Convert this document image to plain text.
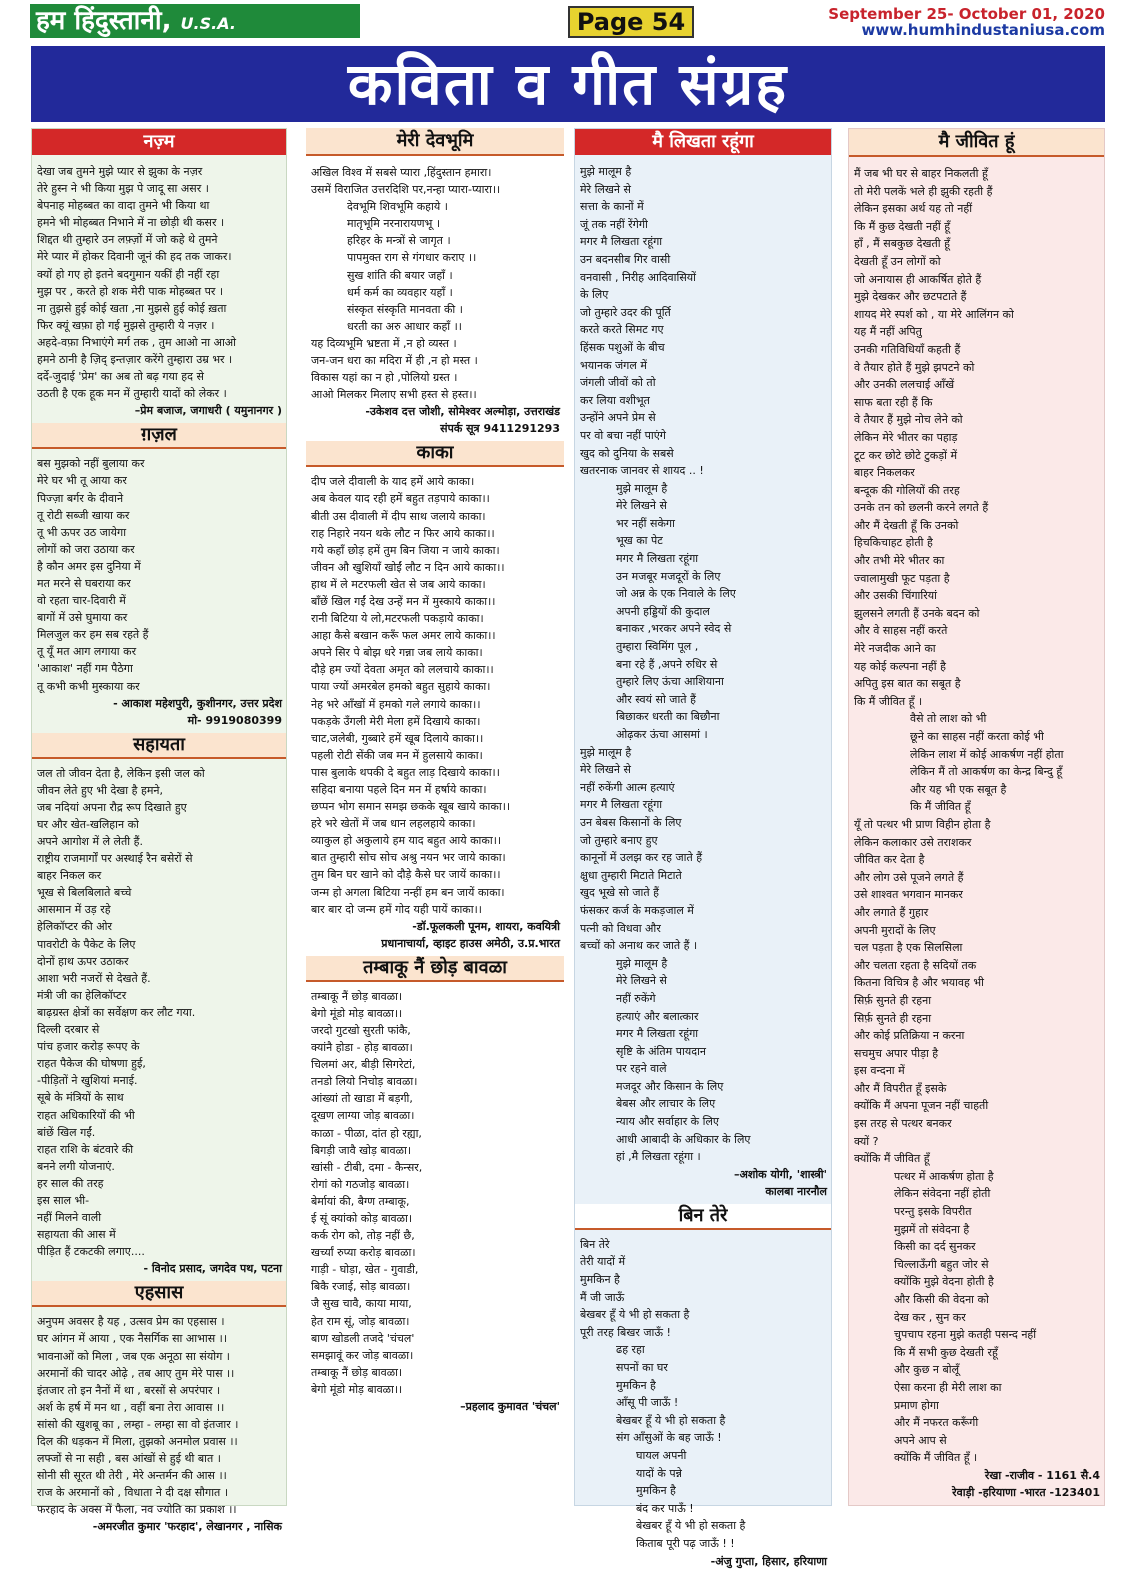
हम हिंदुस्तानी, U.S.A.	Page 54	September 25- October 01, 2020
www.humhindustaniusa.com
कविता व गीत संग्रह
नज़्म
देखा जब तुमने मुझे प्यार से झुका के नज़र
तेरे हुस्न ने भी किया मुझ पे जादू सा असर ।
बेपनाह मोहब्बत का वादा तुमने भी किया था
हमने भी मोहब्बत निभाने में ना छोड़ी थी कसर ।
शिद्दत थी तुम्हारे उन लफ़्ज़ों में जो कहे थे तुमने
मेरे प्यार में होकर दिवानी जूनं की हद तक जाकर।
क्यों हो गए हो इतने बदगुमान यकीं ही नहीं रहा
मुझ पर , करते हो शक मेरी पाक मोहब्बत पर ।
ना तुझसे हुई कोई खता ,ना मुझसे हुई कोई ख़ता
फिर क्यूं खफ़ा हो गई मुझसे तुम्हारी ये नज़र ।
अहदे-वफ़ा निभाएंगे मर्ग तक , तुम आओ ना आओ
हमने ठानी है ज़िद् इन्तज़ार करेंगे तुम्हारा उम्र भर ।
दर्दे-जुदाई 'प्रेम' का अब तो बढ़ गया हद से
उठती है एक हूक मन में तुम्हारी यादों को लेकर ।
–प्रेम बजाज, जगाधरी ( यमुनानगर )
ग़ज़ल
बस मुझको नहीं बुलाया कर
मेरे घर भी तू आया कर
पिज्ज़ा बर्गर के दीवाने
तू रोटी सब्जी खाया कर
तू भी ऊपर उठ जायेगा
लोगों को जरा उठाया कर
है कौन अमर इस दुनिया में
मत मरने से घबराया कर
वो रहता चार-दिवारी में
बागों में उसे घुमाया कर
मिलजुल कर हम सब रहते हैं
तू यूँ मत आग लगाया कर
'आकाश' नहीं गम पैठेगा
तू कभी कभी मुस्काया कर
- आकाश महेशपुरी, कुशीनगर, उत्तर प्रदेश
मो- 9919080399
सहायता
जल तो जीवन देता है, लेकिन इसी जल को
जीवन लेते हुए भी देखा है हमने,
जब नदियां अपना रौद्र रूप दिखाते हुए
घर और खेत-खलिहान को
अपने आगोश में ले लेती हैं.
राष्ट्रीय राजमार्गों पर अस्थाई रैन बसेरों से
बाहर निकल कर
भूख से बिलबिलाते बच्चे
आसमान में उड़ रहे
हेलिकॉप्टर की ओर
पावरोटी के पैकेट के लिए
दोनों हाथ ऊपर उठाकर
आशा भरी नजरों से देखते हैं.
मंत्री जी का हेलिकॉप्टर
बाढ़ग्रस्त क्षेत्रों का सर्वेक्षण कर लौट गया.
दिल्ली दरबार से
पांच हजार करोड़ रूपए के
राहत पैकेज की घोषणा हुई,
-पीड़ितों ने खुशियां मनाई.
सूबे के मंत्रियों के साथ
राहत अधिकारियों की भी
बांछें खिल गईं.
राहत राशि के बंटवारे की
बनने लगी योजनाएं.
हर साल की तरह
इस साल भी-
नहीं मिलने वाली
सहायता की आस में
पीड़ित हैं टकटकी लगाए....
- विनोद प्रसाद, जगदेव पथ, पटना
एहसास
अनुपम अवसर है यह , उत्सव प्रेम का एहसास ।
घर आंगन में आया , एक नैसर्गिक सा आभास ।।
भावनाओं को मिला , जब एक अनूठा सा संयोग ।
अरमानों की चादर ओढ़े , तब आए तुम मेरे पास ।।
इंतजार तो इन नैनों में था , बरसों से अपरंपार ।
अर्श के हर्ष में मन था , वहीं बना तेरा आवास ।।
सांसो की खुशबू का , लम्हा - लम्हा सा वो इंतजार ।
दिल की धड़कन में मिला, तुझको अनमोल प्रवास ।।
लफ्जों से ना सही , बस आंखों से हुई थी बात ।
सोनी सी सूरत थी तेरी , मेरे अन्तर्मन की आस ।।
राज के अरमानों को , विधाता ने दी दक्ष सौगात ।
फरहाद के अक्स में फैला, नव ज्योति का प्रकाश ।।
-अमरजीत कुमार 'फरहाद', लेखानगर , नासिक
मेरी देवभूमि
अखिल विश्व में सबसे प्यारा ,हिंदुस्तान हमारा।
उसमें विराजित उत्तरदिशि पर,नन्हा प्यारा-प्यारा।।
देवभूमि शिवभूमि कहाये ।
मातृभूमि नरनारायणभू ।
हरिहर के मन्त्रों से जागृत ।
पापमुक्त राग से गंगधार कराए ।।
सुख शांति की बयार जहाँ ।
धर्म कर्म का व्यवहार यहाँ ।
संस्कृत संस्कृति मानवता की ।
धरती का अरु आधार कहाँ ।।
यह दिव्यभूमि भ्रष्टता में ,न हो व्यस्त ।
जन-जन धरा का मदिरा में ही ,न हो मस्त ।
विकास यहां का न हो ,पोलियो ग्रस्त ।
आओ मिलकर मिलाए सभी हस्त से हस्त।।
-उकेशव दत्त जोशी, सोमेश्वर अल्मोड़ा, उत्तराखंड
संपर्क सूत्र 9411291293
काका
दीप जले दीवाली के याद हमें आये काका।
अब केवल याद रही हमें बहुत तड़पाये काका।।
बीती उस दीवाली में दीप साथ जलाये काका।
राह निहारे नयन थके लौट न फिर आये काका।।
गये कहाँ छोड़ हमें तुम बिन जिया न जाये काका।
जीवन औ खुशियाँ खोईं लौट न दिन आये काका।।
हाथ में ले मटरफली खेत से जब आये काका।
बाँछें खिल गईं देख उन्हें मन में मुस्काये काका।।
रानी बिटिया ये लो,मटरफली पकड़ाये काका।
आहा कैसे बखान करूँ फल अमर लाये काका।।
अपने सिर पे बोझ धरे गन्ना जब लाये काका।
दौड़े हम ज्यों देवता अमृत को ललचाये काका।।
पाया ज्यों अमरबेल हमको बहुत सुहाये काका।
नेह भरे आँखों में हमको गले लगाये काका।।
पकड़के उँगली मेरी मेला हमें दिखाये काका।
चाट,जलेबी, गुब्बारे हमें खूब दिलाये काका।।
पहली रोटी सेंकी जब मन में हुलसाये काका।
पास बुलाके थपकी दे बहुत लाड़ दिखाये काका।।
सहिदा बनाया पहले दिन मन में हर्षाये काका।
छप्पन भोग समान समझ छकके खूब खाये काका।।
हरे भरे खेतों में जब धान लहलहाये काका।
व्याकुल हो अकुलाये हम याद बहुत आये काका।।
बात तुम्हारी सोच सोच अश्रु नयन भर जाये काका।
तुम बिन घर खाने को दौड़े कैसे घर जायें काका।।
जन्म हो अगला बिटिया नन्हीं हम बन जायें काका।
बार बार दो जन्म हमें गोद यही पायें काका।।
-डॉ.फूलकली पूनम, शायरा, कवयित्री
प्रधानाचार्या, व्हाइट हाउस अमेठी, उ.प्र.भारत
तम्बाकू नैं छोड़ बावळा
तम्बाकू नैं छोड़ बावळा।
बेगो मूंडो मोड़ बावळा।।
जरदो गुटखो सुरती फांकै,
क्यांनै होडा - होड़ बावळा।
चिलमां अर, बीड़ी सिगरेटां,
तनडो लियो निचोड़ बावळा।
आंख्यां तो खाडा में बड़गी,
दूखण लाग्या जोड़ बावळा।
काळा - पीळा, दांत हो रह्या,
बिगड़ी जावै खोड़ बावळा।
खांसी - टीबी, दमा - कैन्सर,
रोगां को गठजोड़ बावळा।
बेर्मायां की, बैग्ण तम्बाकू,
ई सूं क्यांको कोड़ बावळा।
कर्क रोग को, तोड़ नहीं छै,
खर्च्यां रुप्या करोड़ बावळा।
गाड़ी - घोड़ा, खेत - गुवाडी,
बिकै रजाई, सोड़ बावळा।
जै सुख चावै, काया माया,
हेत राम सूं, जोड़ बावळा।
बाण खोडली तजदे 'चंचल'
समझावूं कर जोड़ बावळा।
तम्बाकू नैं छोड़ बावळा।
बेगो मूंडो मोड़ बावळा।।
–प्रहलाद कुमावत 'चंचल'
मै लिखता रहूंगा
मुझे मालूम है
मेरे लिखने से
सत्ता के कानों में
जूं तक नहीं रेंगेगी
मगर मै लिखता रहूंगा
उन बदनसीब गिर वासी
वनवासी , निरीह आदिवासियों
के लिए
जो तुम्हारे उदर की पूर्ति
करते करते सिमट गए
हिंसक पशुओं के बीच
भयानक जंगल में
जंगली जीवों को तो
कर लिया वशीभूत
उन्होंने अपने प्रेम से
पर वो बचा नहीं पाएंगे
खुद को दुनिया के सबसे
खतरनाक जानवर से शायद .. !
मुझे मालूम है
मेरे लिखने से
भर नहीं सकेगा
भूख का पेट
मगर मै लिखता रहूंगा
उन मजबूर मजदूरों के लिए
जो अन्न के एक निवाले के लिए
अपनी हड्डियों की कुदाल
बनाकर ,भरकर अपने स्वेद से
तुम्हारा स्विमिंग पूल ,
बना रहे हैं ,अपने रुधिर से
तुम्हारे लिए ऊंचा आशियाना
और स्वयं सो जाते हैं
बिछाकर धरती का बिछौना
ओढ़कर ऊंचा आसमां ।
मुझे मालूम है
मेरे लिखने से
नहीं रुकेंगी आत्म हत्याएं
मगर मै लिखता रहूंगा
उन बेबस किसानों के लिए
जो तुम्हारे बनाए हुए
कानूनों में उलझ कर रह जाते हैं
क्षुधा तुम्हारी मिटाते मिटाते
खुद भूखे सो जाते हैं
फंसकर कर्ज के मकड़जाल में
पत्नी को विधवा और
बच्चों को अनाथ कर जाते हैं ।
मुझे मालूम है
मेरे लिखने से
नहीं रुकेंगे
हत्याएं और बलात्कार
मगर मै लिखता रहूंगा
सृष्टि के अंतिम पायदान
पर रहने वाले
मजदूर और किसान के लिए
बेबस और लाचार के लिए
न्याय और सर्वाहार के लिए
आधी आबादी के अधिकार के लिए
हां ,मै लिखता रहूंगा ।
–अशोक योगी, 'शास्त्री'
कालबा नारनौल
बिन तेरे
बिन तेरे
तेरी यादों में
मुमकिन है
मैं जी जाऊँ
बेखबर हूँ ये भी हो सकता है
पूरी तरह बिखर जाऊँ !
ढह रहा
सपनों का घर
मुमकिन है
आँसू पी जाऊँ !
बेखबर हूँ ये भी हो सकता है
संग आँसुओं के बह जाऊँ !
घायल अपनी
यादों के पन्ने
मुमकिन है
बंद कर पाऊँ !
बेखबर हूँ ये भी हो सकता है
किताब पूरी पढ़ जाऊँ ! !
-अंजु गुप्ता, हिसार, हरियाणा
मै जीवित हूं
मैं जब भी घर से बाहर निकलती हूँ
तो मेरी पलकें भले ही झुकी रहती हैं
लेकिन इसका अर्थ यह तो नहीं
कि मैं कुछ देखती नहीं हूँ
हाँ , मैं सबकुछ देखती हूँ
देखती हूँ उन लोगों को
जो अनायास ही आकर्षित होते हैं
मुझे देखकर और छटपटाते हैं
शायद मेरे स्पर्श को , या मेरे आलिंगन को
यह मैं नहीं अपितु
उनकी गतिविधियाँ कहती हैं
वे तैयार होते हैं मुझे झपटने को
और उनकी ललचाई आँखें
साफ बता रही हैं कि
वे तैयार हैं मुझे नोच लेने को
लेकिन मेरे भीतर का पहाड़
टूट कर छोटे छोटे टुकड़ों में
बाहर निकलकर
बन्दूक की गोलियों की तरह
उनके तन को छलनी करने लगते हैं
और मैं देखती हूँ कि उनको
हिचकिचाहट होती है
और तभी मेरे भीतर का
ज्वालामुखी फूट पड़ता है
और उसकी चिंगारियां
झुलसने लगती हैं उनके बदन को
और वे साहस नहीं करते
मेरे नजदीक आने का
यह कोई कल्पना नहीं है
अपितु इस बात का सबूत है
कि मैं जीवित हूँ ।
वैसे तो लाश को भी
छूने का साहस नहीं करता कोई भी
लेकिन लाश में कोई आकर्षण नहीं होता
लेकिन मैं तो आकर्षण का केन्द्र बिन्दु हूँ
और यह भी एक सबूत है
कि मैं जीवित हूँ
यूँ तो पत्थर भी प्राण विहीन होता है
लेकिन कलाकार उसे तराशकर
जीवित कर देता है
और लोग उसे पूजने लगते हैं
उसे शाश्वत भगवान मानकर
और लगाते हैं गुहार
अपनी मुरादों के लिए
चल पड़ता है एक सिलसिला
और चलता रहता है सदियों तक
कितना विचित्र है और भयावह भी
सिर्फ़ सुनते ही रहना
सिर्फ़ सुनते ही रहना
और कोई प्रतिक्रिया न करना
सचमुच अपार पीड़ा है
इस वन्दना में
और मैं विपरीत हूँ इसके
क्योंकि मैं अपना पूजन नहीं चाहती
इस तरह से पत्थर बनकर
क्यों ?
क्योंकि मैं जीवित हूँ
पत्थर में आकर्षण होता है
लेकिन संवेदना नहीं होती
परन्तु इसके विपरीत
मुझमें तो संवेदना है
किसी का दर्द सुनकर
चिल्लाऊँगी बहुत जोर से
क्योंकि मुझे वेदना होती है
और किसी की वेदना को
देख कर , सुन कर
चुपचाप रहना मुझे कतही पसन्द नहीं
कि मैं सभी कुछ देखती रहूँ
और कुछ न बोलूँ
ऐसा करना ही मेरी लाश का
प्रमाण होगा
और मैं नफरत करूँगी
अपने आप से
क्योंकि मैं जीवित हूँ ।
रेखा -राजीव - 1161 सै.4
रेवाड़ी -हरियाणा -भारत -123401
